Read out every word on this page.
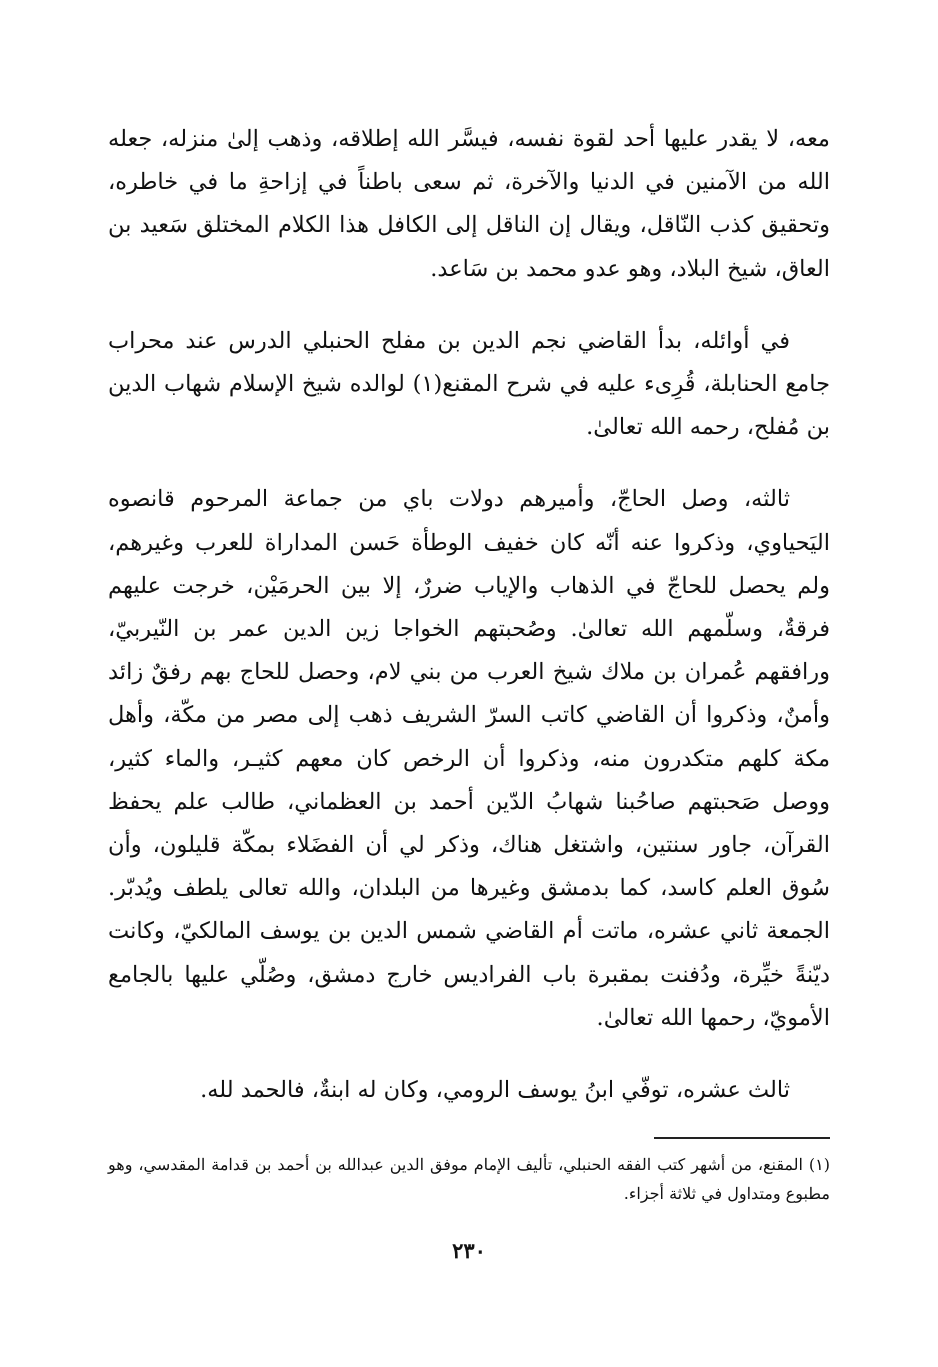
معه، لا يقدر عليها أحد لقوة نفسه، فيسَّر الله إطلاقه، وذهب إلىٰ منزله، جعله الله من الآمنين في الدنيا والآخرة، ثم سعى باطناً في إزاحةِ ما في خاطره، وتحقيق كذب النّاقل، ويقال إن الناقل إلى الكافل هذا الكلام المختلق سَعيد بن العاق، شيخ البلاد، وهو عدو محمد بن سَاعد.

في أوائله، بدأ القاضي نجم الدين بن مفلح الحنبلي الدرس عند محراب جامع الحنابلة، قُرِىء عليه في شرح المقنع(١) لوالده شيخ الإسلام شهاب الدين بن مُفلح، رحمه الله تعالىٰ.

ثالثه، وصل الحاجّ، وأميرهم دولات باي من جماعة المرحوم قانصوه اليَحياوي، وذكروا عنه أنّه كان خفيف الوطأة حَسن المداراة للعرب وغيرهم، ولم يحصل للحاجّ في الذهاب والإياب ضررٌ، إلا بين الحرمَيْن، خرجت عليهم فرقةٌ، وسلّمهم الله تعالىٰ. وصُحبتهم الخواجا زين الدين عمر بن النّيربيّ، ورافقهم عُمران بن ملاك شيخ العرب من بني لام، وحصل للحاج بهم رفقٌ زائد وأمنٌ، وذكروا أن القاضي كاتب السرّ الشريف ذهب إلى مصر من مكّة، وأهل مكة كلهم متكدرون منه، وذكروا أن الرخص كان معهم كثيـر، والماء كثير، ووصل صَحبتهم صاحُبنا شهابُ الدّين أحمد بن العظماني، طالب علم يحفظ القرآن، جاور سنتين، واشتغل هناك، وذكر لي أن الفضَلاء بمكّة قليلون، وأن سُوق العلم كاسد، كما بدمشق وغيرها من البلدان، والله تعالى يلطف ويُدبّر. الجمعة ثاني عشره، ماتت أم القاضي شمس الدين بن يوسف المالكيّ، وكانت ديّنةً خيِّرة، ودُفنت بمقبرة باب الفراديس خارج دمشق، وصُلّي عليها بالجامع الأمويّ، رحمها الله تعالىٰ.

ثالث عشره، توفّي ابنُ يوسف الرومي، وكان له ابنةٌ، فالحمد لله.

(١) المقنع، من أشهر كتب الفقه الحنبلي، تأليف الإمام موفق الدين عبدالله بن أحمد بن قدامة المقدسي، وهو مطبوع ومتداول في ثلاثة أجزاء.

٢٣٠
